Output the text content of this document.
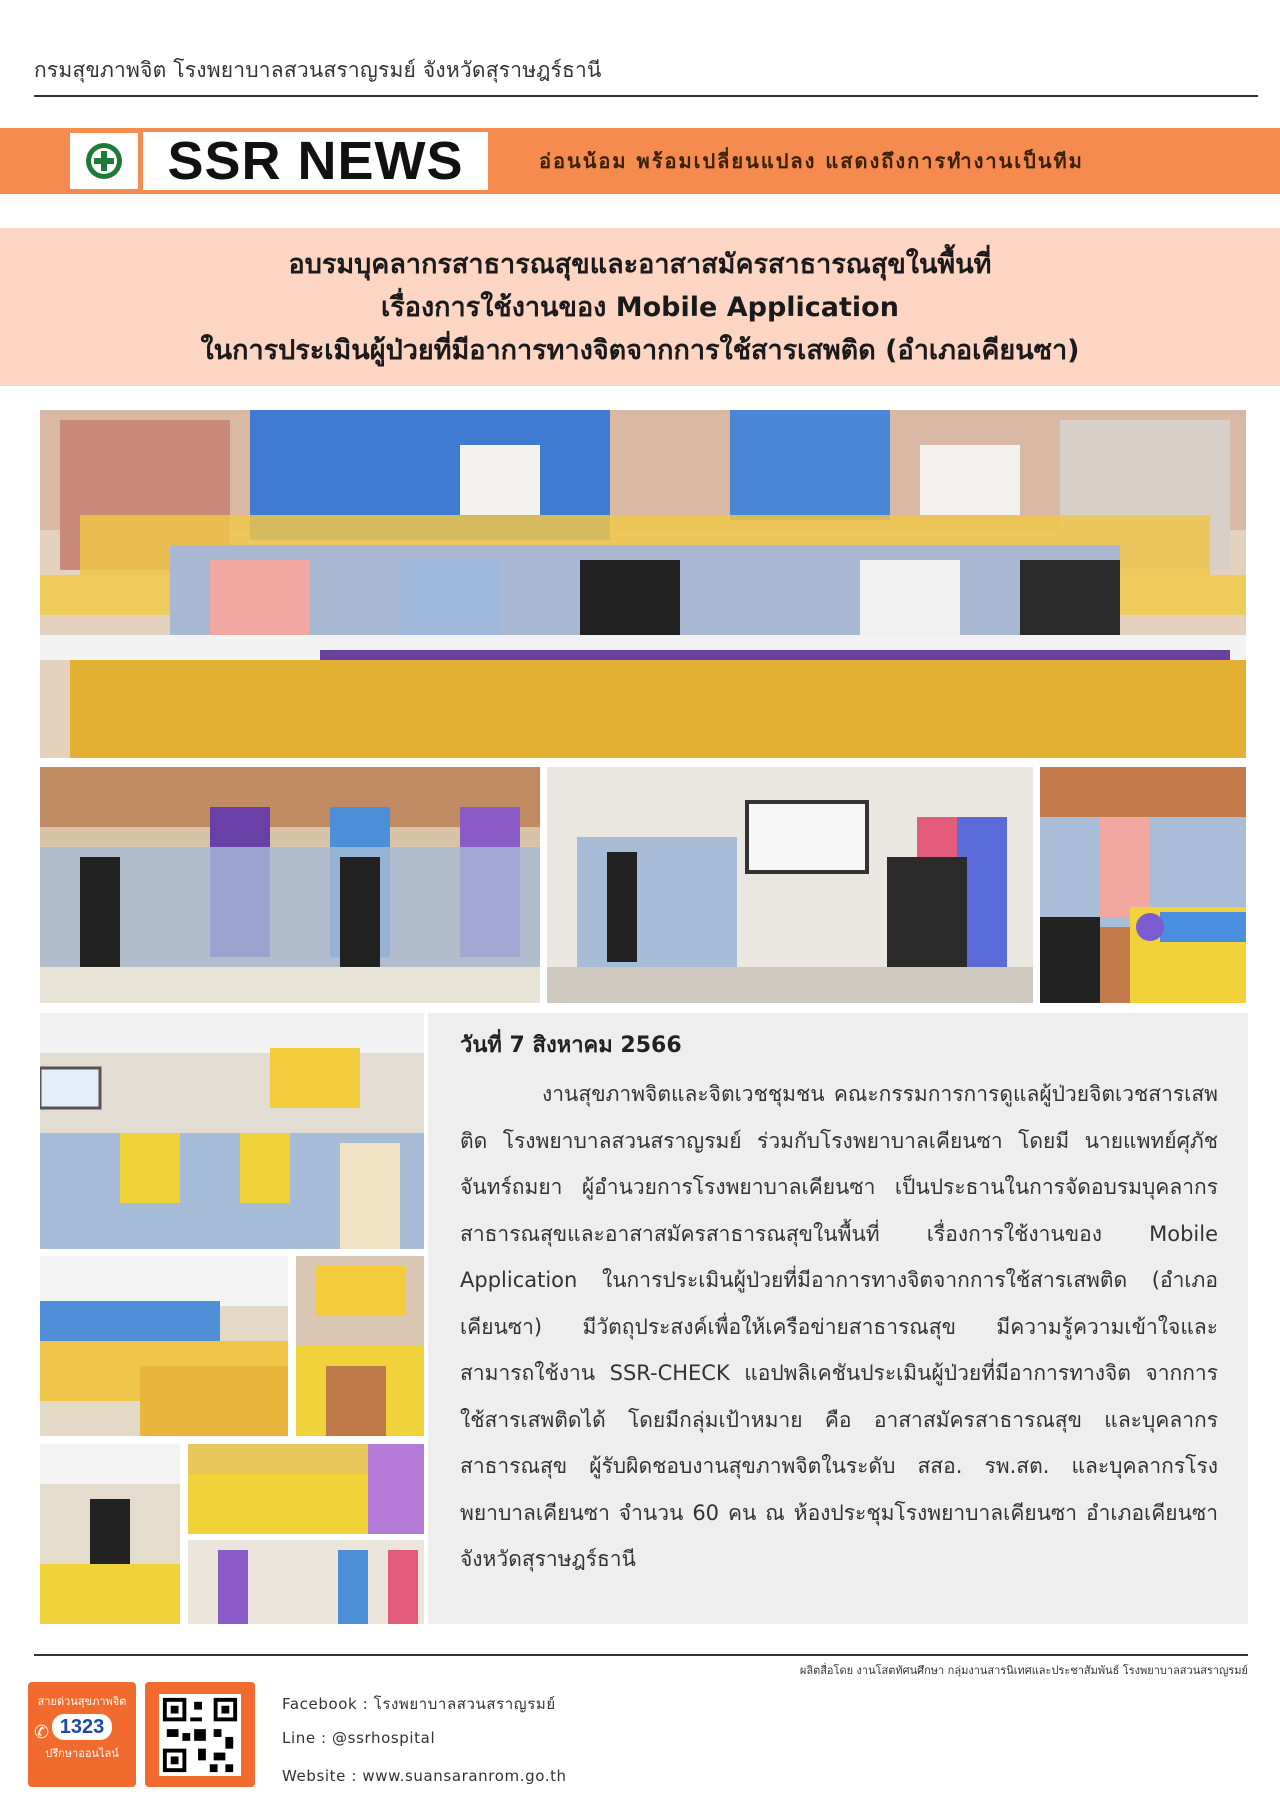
กรมสุขภาพจิต โรงพยาบาลสวนสราญรมย์ จังหวัดสุราษฎร์ธานี
SSR NEWS	อ่อนน้อม พร้อมเปลี่ยนแปลง แสดงถึงการทำงานเป็นทีม
อบรมบุคลากรสาธารณสุขและอาสาสมัครสาธารณสุขในพื้นที่
เรื่องการใช้งานของ Mobile Application
ในการประเมินผู้ป่วยที่มีอาการทางจิตจากการใช้สารเสพติด (อำเภอเคียนซา)
วันที่ 7 สิงหาคม 2566

งานสุขภาพจิตและจิตเวชชุมชน คณะกรรมการการดูแลผู้ป่วยจิตเวชสารเสพติด โรงพยาบาลสวนสราญรมย์ ร่วมกับโรงพยาบาลเคียนซา โดยมี นายแพทย์ศุภัช จันทร์ถมยา ผู้อำนวยการโรงพยาบาลเคียนซา เป็นประธานในการจัดอบรมบุคลากรสาธารณสุขและอาสาสมัครสาธารณสุขในพื้นที่ เรื่องการใช้งานของ Mobile Application ในการประเมินผู้ป่วยที่มีอาการทางจิตจากการใช้สารเสพติด (อำเภอเคียนซา) มีวัตถุประสงค์เพื่อให้เครือข่ายสาธารณสุข มีความรู้ความเข้าใจและสามารถใช้งาน SSR-CHECK แอปพลิเคชันประเมินผู้ป่วยที่มีอาการทางจิต จากการใช้สารเสพติดได้ โดยมีกลุ่มเป้าหมาย คือ อาสาสมัครสาธารณสุข และบุคลากรสาธารณสุข ผู้รับผิดชอบงานสุขภาพจิตในระดับ สสอ. รพ.สต. และบุคลากรโรงพยาบาลเคียนซา จำนวน 60 คน ณ ห้องประชุมโรงพยาบาลเคียนซา อำเภอเคียนซา จังหวัดสุราษฎร์ธานี

ผลิตสื่อโดย งานโสตทัศนศึกษา กลุ่มงานสารนิเทศและประชาสัมพันธ์ โรงพยาบาลสวนสราญรมย์
สายด่วนสุขภาพจิต
1323
ปรึกษาออนไลน์
✆
Facebook : โรงพยาบาลสวนสราญรมย์
Line : @ssrhospital
Website : www.suansaranrom.go.th
